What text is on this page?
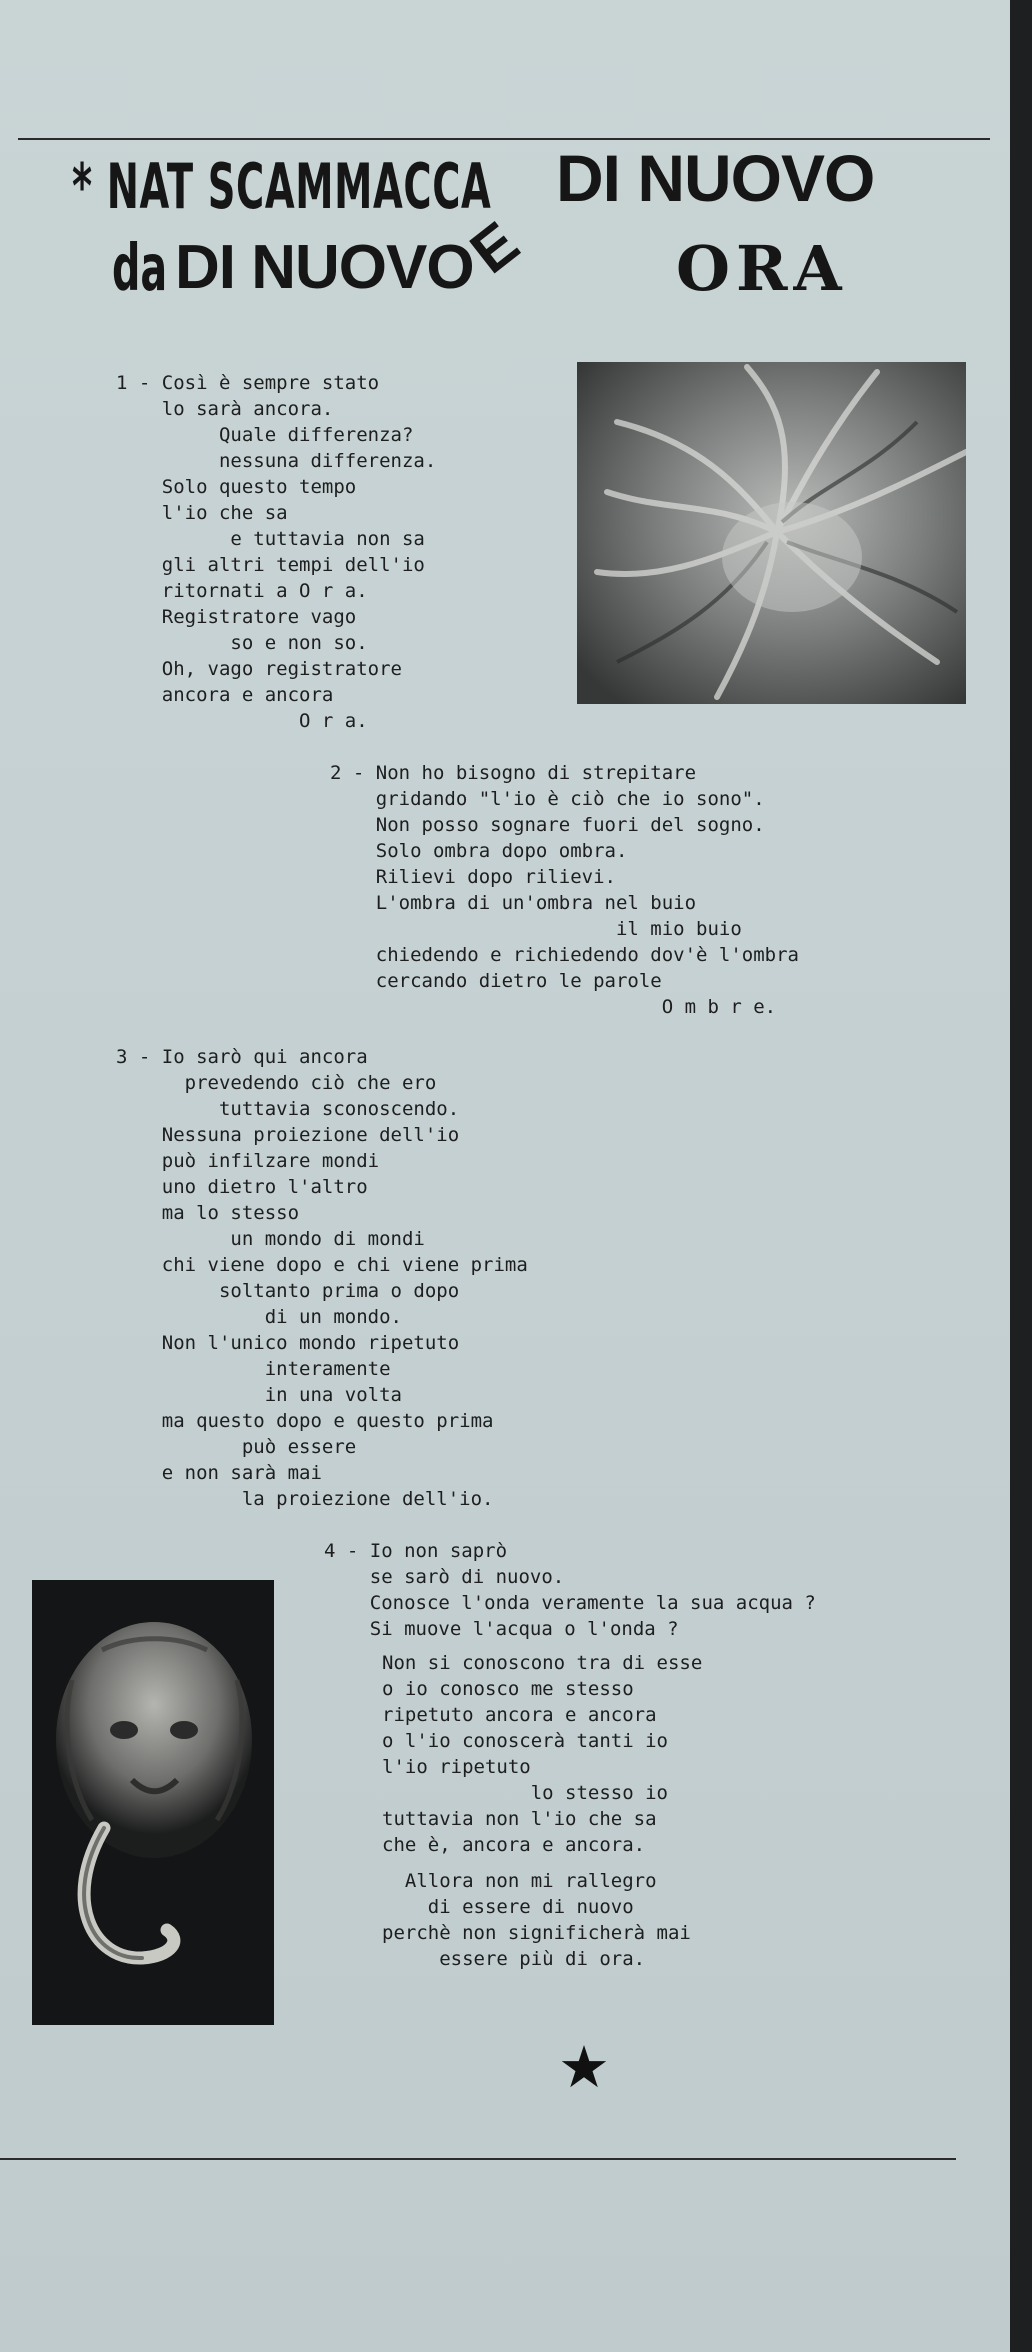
* NAT SCAMMACCA
da DI NUOVO
E
DI NUOVO
ORA
1 - Così è sempre stato
lo sarà ancora.
Quale differenza?
nessuna differenza.
Solo questo tempo
l'io che sa
e tuttavia non sa
gli altri tempi dell'io
ritornati a O r a.
Registratore vago
so e non so.
Oh, vago registratore
ancora e ancora
O r a.
2 - Non ho bisogno di strepitare
gridando "l'io è ciò che io sono".
Non posso sognare fuori del sogno.
Solo ombra dopo ombra.
Rilievi dopo rilievi.
L'ombra di un'ombra nel buio
il mio buio
chiedendo e richiedendo dov'è l'ombra
cercando dietro le parole
O m b r e.
3 - Io sarò qui ancora
prevedendo ciò che ero
tuttavia sconoscendo.
Nessuna proiezione dell'io
può infilzare mondi
uno dietro l'altro
ma lo stesso
un mondo di mondi
chi viene dopo e chi viene prima
soltanto prima o dopo
di un mondo.
Non l'unico mondo ripetuto
interamente
in una volta
ma questo dopo e questo prima
può essere
e non sarà mai
la proiezione dell'io.
4 - Io non saprò
se sarò di nuovo.
Conosce l'onda veramente la sua acqua ?
Si muove l'acqua o l'onda ?
Non si conoscono tra di esse
o io conosco me stesso
ripetuto ancora e ancora
o l'io conoscerà tanti io
l'io ripetuto
lo stesso io
tuttavia non l'io che sa
che è, ancora e ancora.
Allora non mi rallegro
di essere di nuovo
perchè non significherà mai
essere più di ora.
★
